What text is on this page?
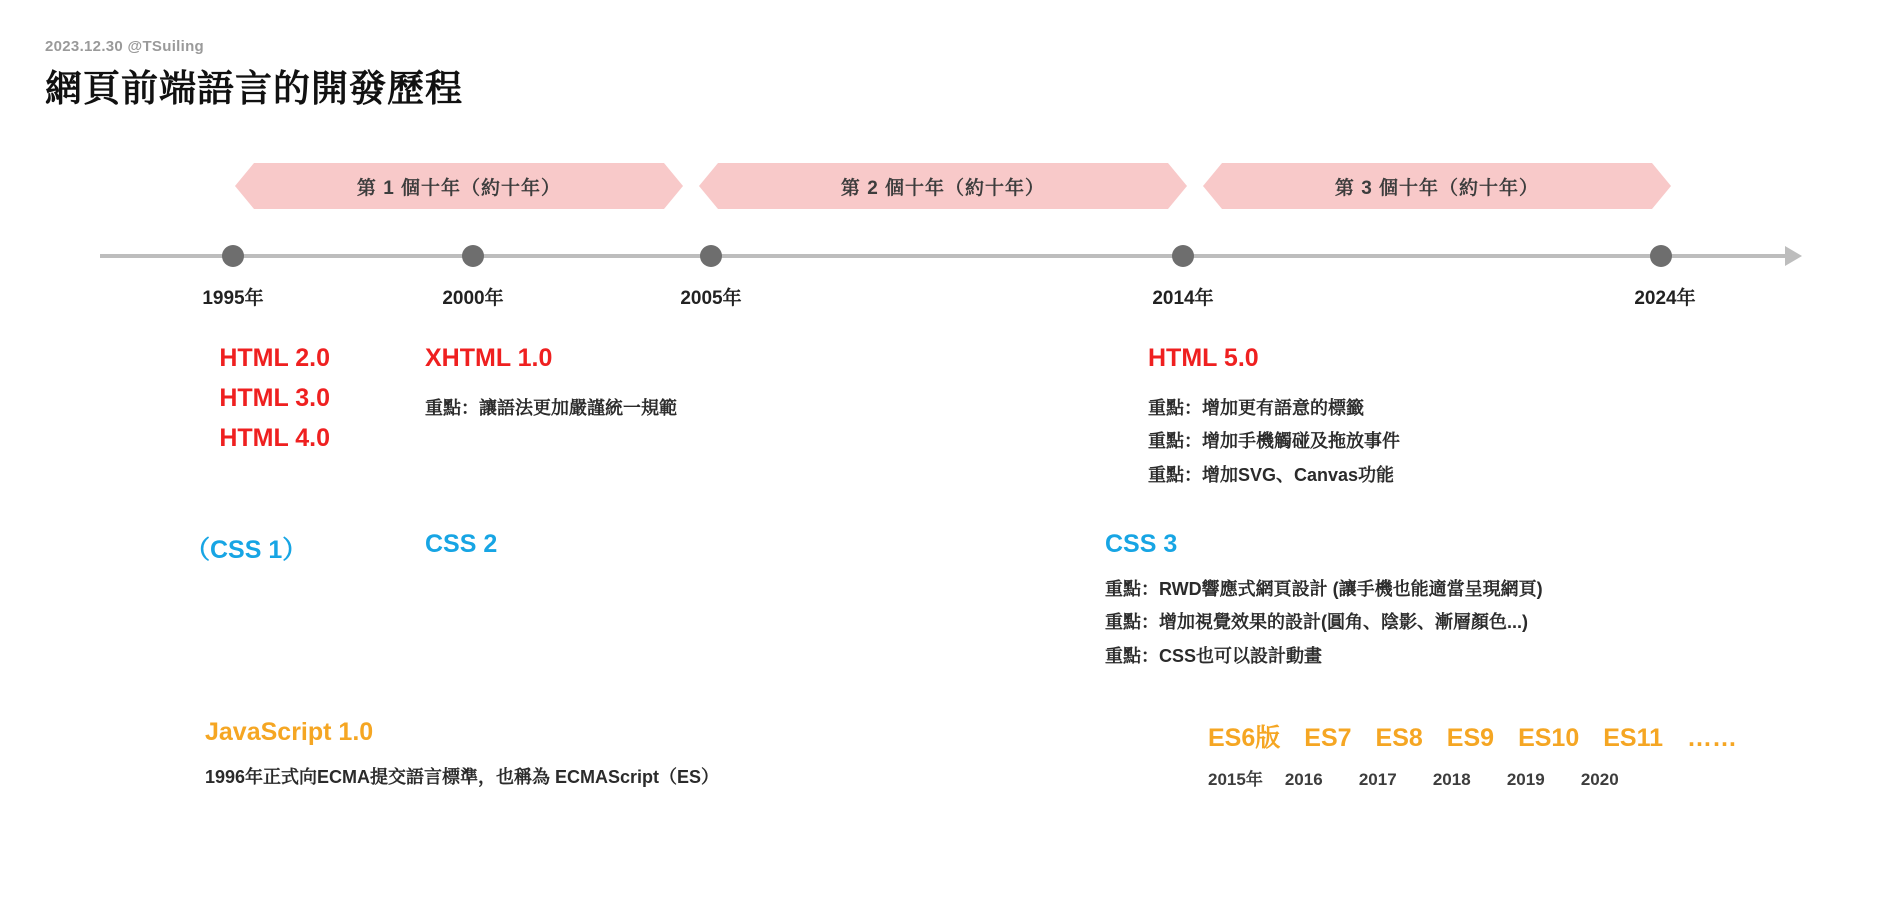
2023.12.30 @TSuiling
網頁前端語言的開發歷程
第 1 個十年（約十年）	第 2 個十年（約十年）	第 3 個十年（約十年）
1995年	2000年	2005年	2014年	2024年
HTML 2.0
HTML 3.0
HTML 4.0
XHTML 1.0
重點：讓語法更加嚴謹統一規範
HTML 5.0
重點：增加更有語意的標籤
重點：增加手機觸碰及拖放事件
重點：增加SVG、Canvas功能
（CSS 1）	CSS 2	CSS 3
重點：RWD響應式網頁設計 (讓手機也能適當呈現網頁)
重點：增加視覺效果的設計(圓角、陰影、漸層顏色...)
重點：CSS也可以設計動畫
JavaScript 1.0
1996年正式向ECMA提交語言標準，也稱為 ECMAScript（ES）
ES6版 ES7 ES8 ES9 ES10 ES11 ……
2015年 2016	2017	2018	2019	2020
